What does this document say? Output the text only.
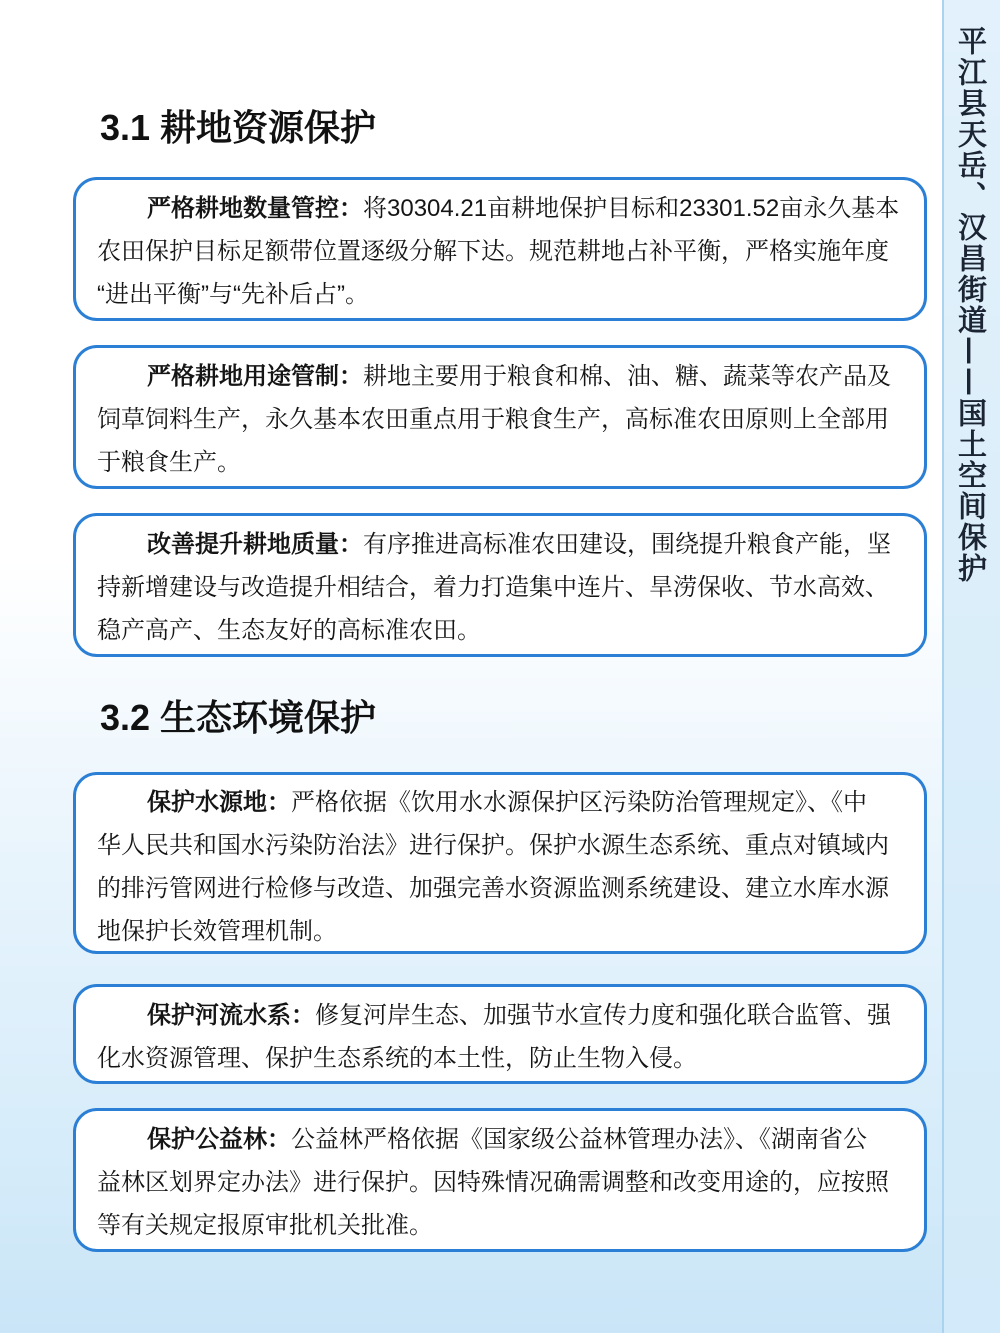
平江县天岳、汉昌街道——国土空间保护
3.1 耕地资源保护
严格耕地数量管控：将30304.21亩耕地保护目标和23301.52亩永久基本
农田保护目标足额带位置逐级分解下达。规范耕地占补平衡，严格实施年度
“进出平衡”与“先补后占”。
严格耕地用途管制：耕地主要用于粮食和棉、油、糖、蔬菜等农产品及
饲草饲料生产，永久基本农田重点用于粮食生产，高标准农田原则上全部用
于粮食生产。
改善提升耕地质量：有序推进高标准农田建设，围绕提升粮食产能，坚
持新增建设与改造提升相结合，着力打造集中连片、旱涝保收、节水高效、
稳产高产、生态友好的高标准农田。
3.2 生态环境保护
保护水源地：严格依据《饮用水水源保护区污染防治管理规定》、《中
华人民共和国水污染防治法》进行保护。保护水源生态系统、重点对镇域内
的排污管网进行检修与改造、加强完善水资源监测系统建设、建立水库水源
地保护长效管理机制。
保护河流水系：修复河岸生态、加强节水宣传力度和强化联合监管、强
化水资源管理、保护生态系统的本土性，防止生物入侵。
保护公益林：公益林严格依据《国家级公益林管理办法》、《湖南省公
益林区划界定办法》进行保护。因特殊情况确需调整和改变用途的，应按照
等有关规定报原审批机关批准。
